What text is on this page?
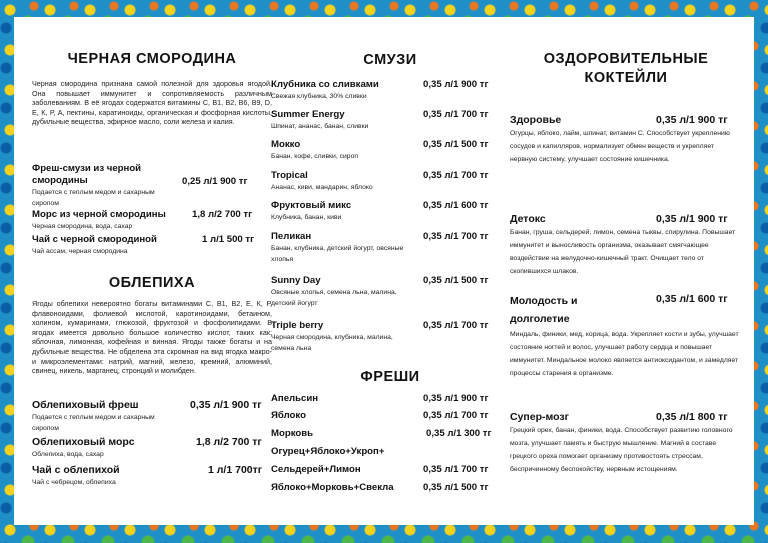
ЧЕРНАЯ СМОРОДИНА

Черная смородина признана самой полезной для здоровья ягодой. Она повышает иммунитет и сопротивляемость различным заболеваниям. В её ягодах содержатся витамины С, В1, В2, В6, В9, D, Е, К, Р, А, пектины, каратиноиды, органическая и фосфорная кислоты, дубильные вещества, эфирное масло, соли железа и калия.

Фреш-смузи из черной смородины	0,25 л/1 900 тг
Подается с теплым медом и сахарным сиропом
Морс из черной смородины	1,8 л/2 700 тг
Черная смородина, вода, сахар
Чай с черной смородиной	1 л/1 500 тг
Чай ассам, черная смородина
ОБЛЕПИХА

Ягоды облепихи невероятно богаты витаминами С, В1, В2, Е, К, Р, флавоноидами, фолиевой кислотой, каротиноидами, бетаином, холином, кумаринами, глюкозой, фруктозой и фосфолипидами. В ягодах имеется довольно большое количество кислот, таких как: яблочная, лимонная, кофейная и винная. Ягоды также богаты и на дубильные вещества. Не обделена эта скромная на вид ягодка макро- и микроэлементами: натрий, магний, железо, кремний, алюминий, свинец, никель, марганец, стронций и молибден.

Облепиховый фреш	0,35 л/1 900 тг
Подается с теплым медом и сахарным сиропом
Облепиховый морс	1,8 л/2 700 тг
Облепиха, вода, сахар
Чай с облепихой	1 л/1 700тг
Чай с чебрецом, облепиха
СМУЗИ
Клубника со сливками	0,35 л/1 900 тг
Свежая клубника, 30% сливки
Summer Energy	0,35 л/1 700 тг
Шпинат, ананас, банан, сливки
Мокко	0,35 л/1 500 тг
Банан, кофе, сливки, сироп
Tropical	0,35 л/1 700 тг
Ананас, киви, мандарин, яблоко
Фруктовый микс	0,35 л/1 600 тг
Клубника, банан, киви
Пеликан	0,35 л/1 700 тг
Банан, клубника, детский йогурт, овсяные хлопья
Sunny Day	0,35 л/1 500 тг
Овсяные хлопья, семена льна, малина, детский йогурт
Triple berry	0,35 л/1 700 тг
Черная смородина, клубника, малина, семена льна
ФРЕШИ
Апельсин	0,35 л/1 900 тг
Яблоко	0,35 л/1 700 тг
Морковь	0,35 л/1 300 тг
Огурец+Яблоко+Укроп+
Сельдерей+Лимон	0,35 л/1 700 тг
Яблоко+Морковь+Свекла	0,35 л/1 500 тг
ОЗДОРОВИТЕЛЬНЫЕ
КОКТЕЙЛИ
Здоровье	0,35 л/1 900 тг
Огурцы, яблоко, лайм, шпинат, витамин С. Способствует укреплению сосудов и капилляров, нормализует обмен веществ и укрепляет нервную систему, улучшает состояние кишечника.
Детокс	0,35 л/1 900 тг
Банан, груша, сельдерей, лимон, семена тыквы, спирулина. Повышает иммунитет и выносливость организма, оказывает смягчающее воздействие на желудочно-кишечный тракт. Очищает тело от скопившихся шлаков.
Молодость и долголетие
0,35 л/1 600 тг
Миндаль, финики, мед, корица, вода. Укрепляет кости и зубы, улучшает состояние ногтей и волос, улучшает работу сердца и повышает иммунитет. Миндальное молоко является антиоксидантом, и замедляет процессы старения в организме.
Супер-мозг	0,35 л/1 800 тг
Грецкий орех, банан, финики, вода. Способствует развитию головного мозга, улучшает память и быструю мышление. Магний в составе грецкого ореха помогает организму противостоять стрессам, беспричинному беспокойству, нервным истощениям.
